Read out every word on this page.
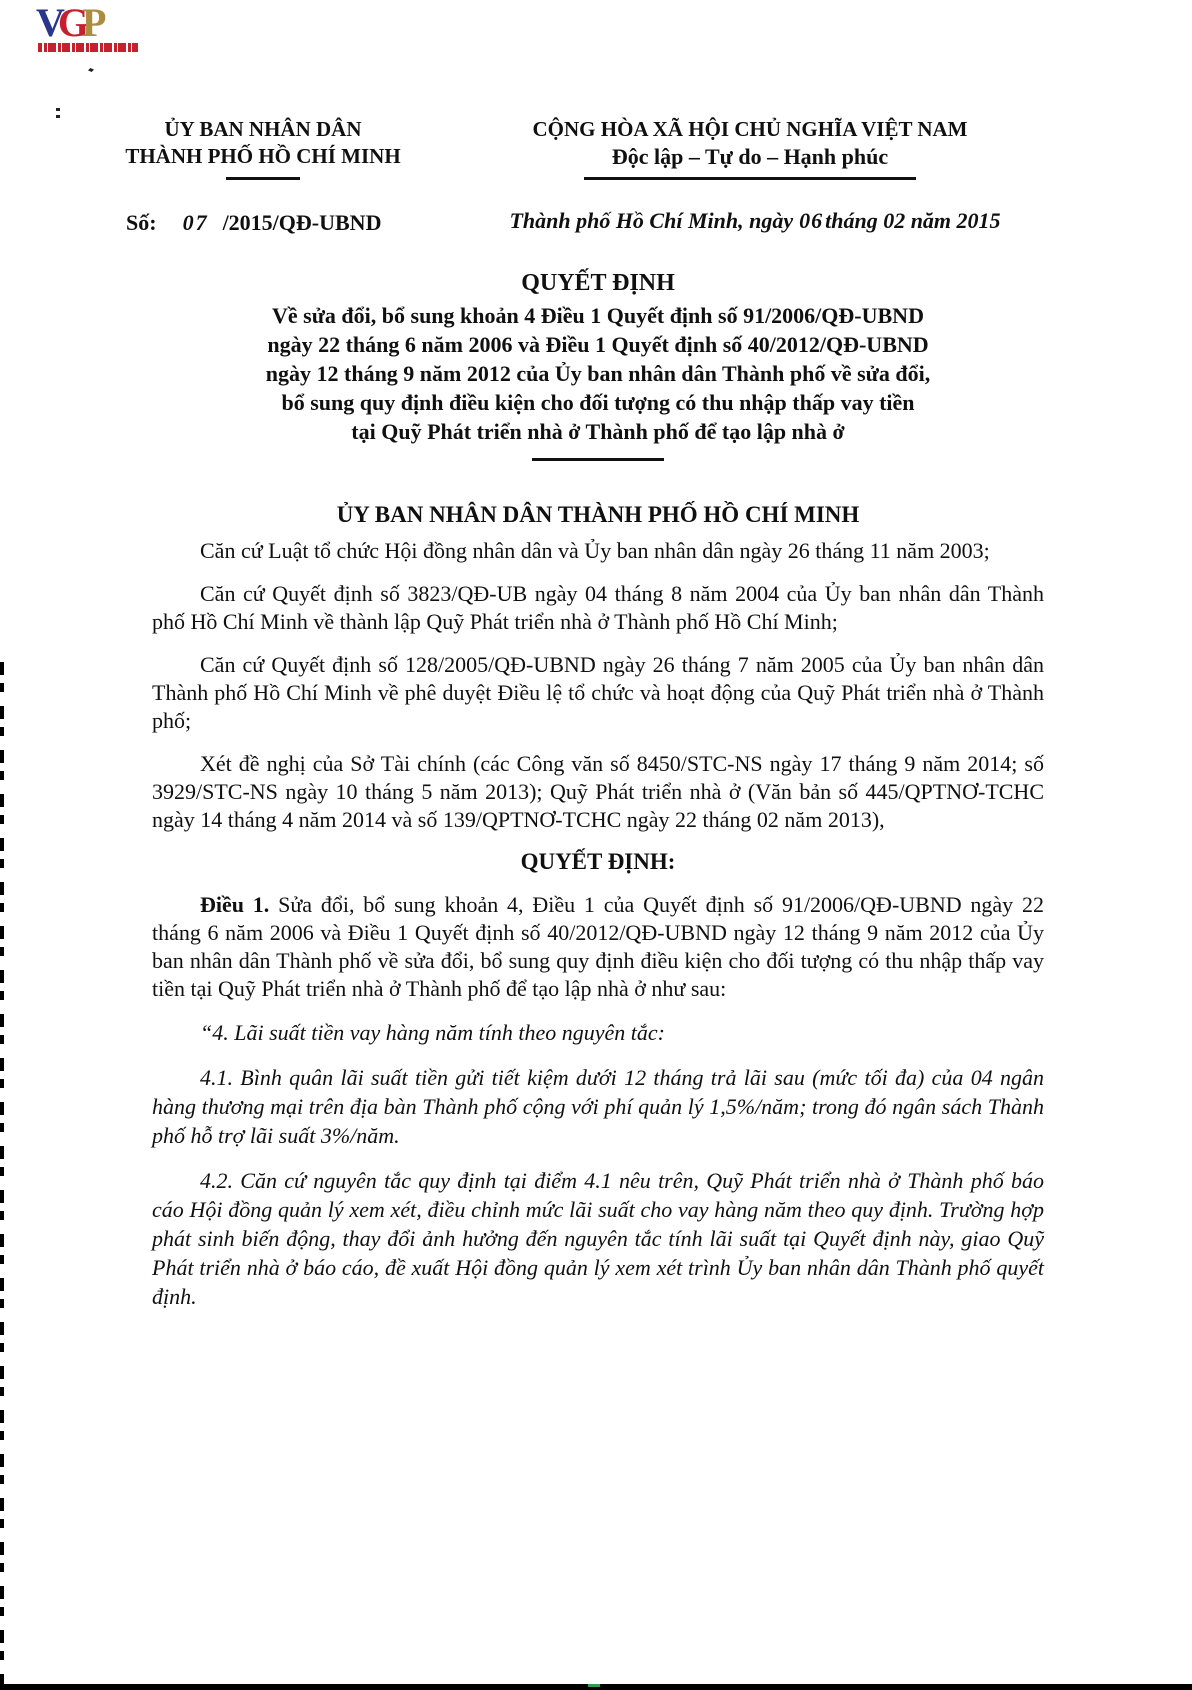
VGP
ỦY BAN NHÂN DÂN
THÀNH PHỐ HỒ CHÍ MINH
Số: 07 /2015/QĐ-UBND
CỘNG HÒA XÃ HỘI CHỦ NGHĨA VIỆT NAM
Độc lập – Tự do – Hạnh phúc
Thành phố Hồ Chí Minh, ngày 06tháng 02 năm 2015
QUYẾT ĐỊNH
Về sửa đổi, bổ sung khoản 4 Điều 1 Quyết định số 91/2006/QĐ-UBND
ngày 22 tháng 6 năm 2006 và Điều 1 Quyết định số 40/2012/QĐ-UBND
ngày 12 tháng 9 năm 2012 của Ủy ban nhân dân Thành phố về sửa đổi,
bổ sung quy định điều kiện cho đối tượng có thu nhập thấp vay tiền
tại Quỹ Phát triển nhà ở Thành phố để tạo lập nhà ở
ỦY BAN NHÂN DÂN THÀNH PHỐ HỒ CHÍ MINH

Căn cứ Luật tổ chức Hội đồng nhân dân và Ủy ban nhân dân ngày 26 tháng 11 năm 2003;

Căn cứ Quyết định số 3823/QĐ-UB ngày 04 tháng 8 năm 2004 của Ủy ban nhân dân Thành phố Hồ Chí Minh về thành lập Quỹ Phát triển nhà ở Thành phố Hồ Chí Minh;

Căn cứ Quyết định số 128/2005/QĐ-UBND ngày 26 tháng 7 năm 2005 của Ủy ban nhân dân Thành phố Hồ Chí Minh về phê duyệt Điều lệ tổ chức và hoạt động của Quỹ Phát triển nhà ở Thành phố;

Xét đề nghị của Sở Tài chính (các Công văn số 8450/STC-NS ngày 17 tháng 9 năm 2014; số 3929/STC-NS ngày 10 tháng 5 năm 2013); Quỹ Phát triển nhà ở (Văn bản số 445/QPTNƠ-TCHC ngày 14 tháng 4 năm 2014 và số 139/QPTNƠ-TCHC ngày 22 tháng 02 năm 2013),

QUYẾT ĐỊNH:

Điều 1. Sửa đổi, bổ sung khoản 4, Điều 1 của Quyết định số 91/2006/QĐ-UBND ngày 22 tháng 6 năm 2006 và Điều 1 Quyết định số 40/2012/QĐ-UBND ngày 12 tháng 9 năm 2012 của Ủy ban nhân dân Thành phố về sửa đổi, bổ sung quy định điều kiện cho đối tượng có thu nhập thấp vay tiền tại Quỹ Phát triển nhà ở Thành phố để tạo lập nhà ở như sau:

“4. Lãi suất tiền vay hàng năm tính theo nguyên tắc:

4.1. Bình quân lãi suất tiền gửi tiết kiệm dưới 12 tháng trả lãi sau (mức tối đa) của 04 ngân hàng thương mại trên địa bàn Thành phố cộng với phí quản lý 1,5%/năm; trong đó ngân sách Thành phố hỗ trợ lãi suất 3%/năm.

4.2. Căn cứ nguyên tắc quy định tại điểm 4.1 nêu trên, Quỹ Phát triển nhà ở Thành phố báo cáo Hội đồng quản lý xem xét, điều chỉnh mức lãi suất cho vay hàng năm theo quy định. Trường hợp phát sinh biến động, thay đổi ảnh hưởng đến nguyên tắc tính lãi suất tại Quyết định này, giao Quỹ Phát triển nhà ở báo cáo, đề xuất Hội đồng quản lý xem xét trình Ủy ban nhân dân Thành phố quyết định.
